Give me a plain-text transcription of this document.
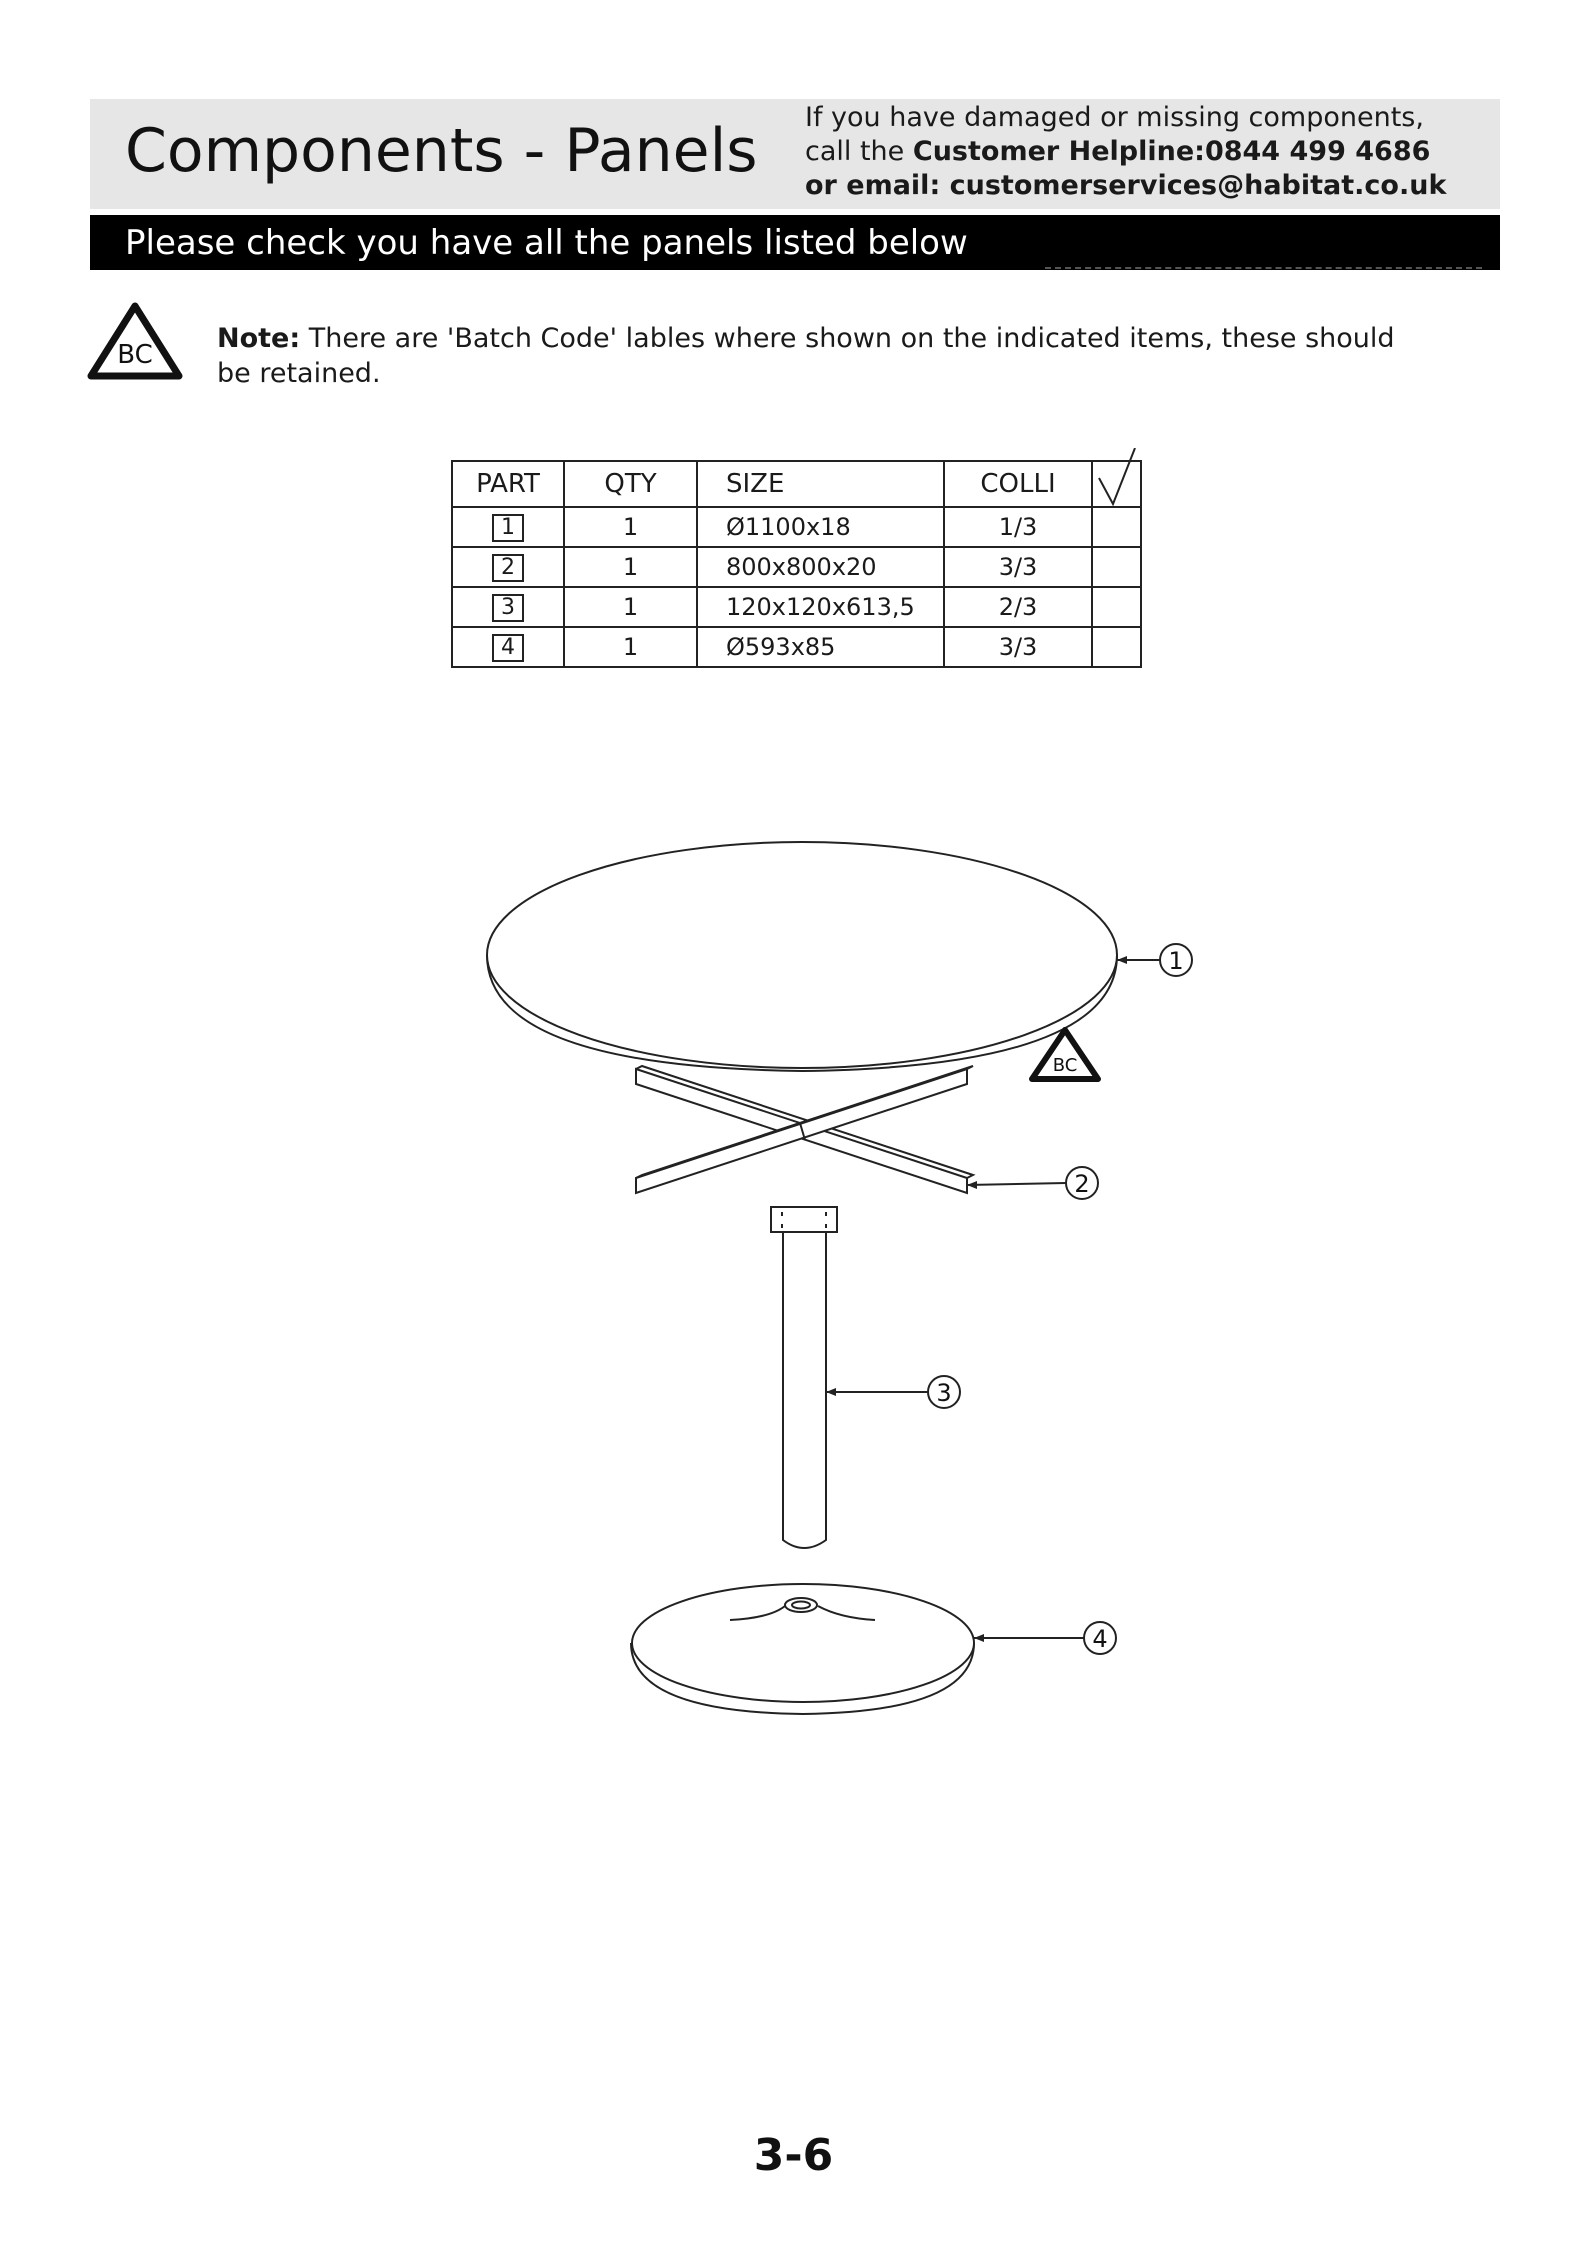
Components - Panels If you have damaged or missing components,
call the Customer Helpline:0844 499 4686
or email: customerservices@habitat.co.uk
Please check you have all the panels listed below
BC
Note: There are 'Batch Code' lables where shown on the indicated items, these should be retained.
PART	QTY	SIZE	COLLI	

1	1	Ø1100x18	1/3	
2	1	800x800x20	3/3	
3	1	120x120x613,5	2/3	
4	1	Ø593x85	3/3	
1
2
3
4
BC
3-6
